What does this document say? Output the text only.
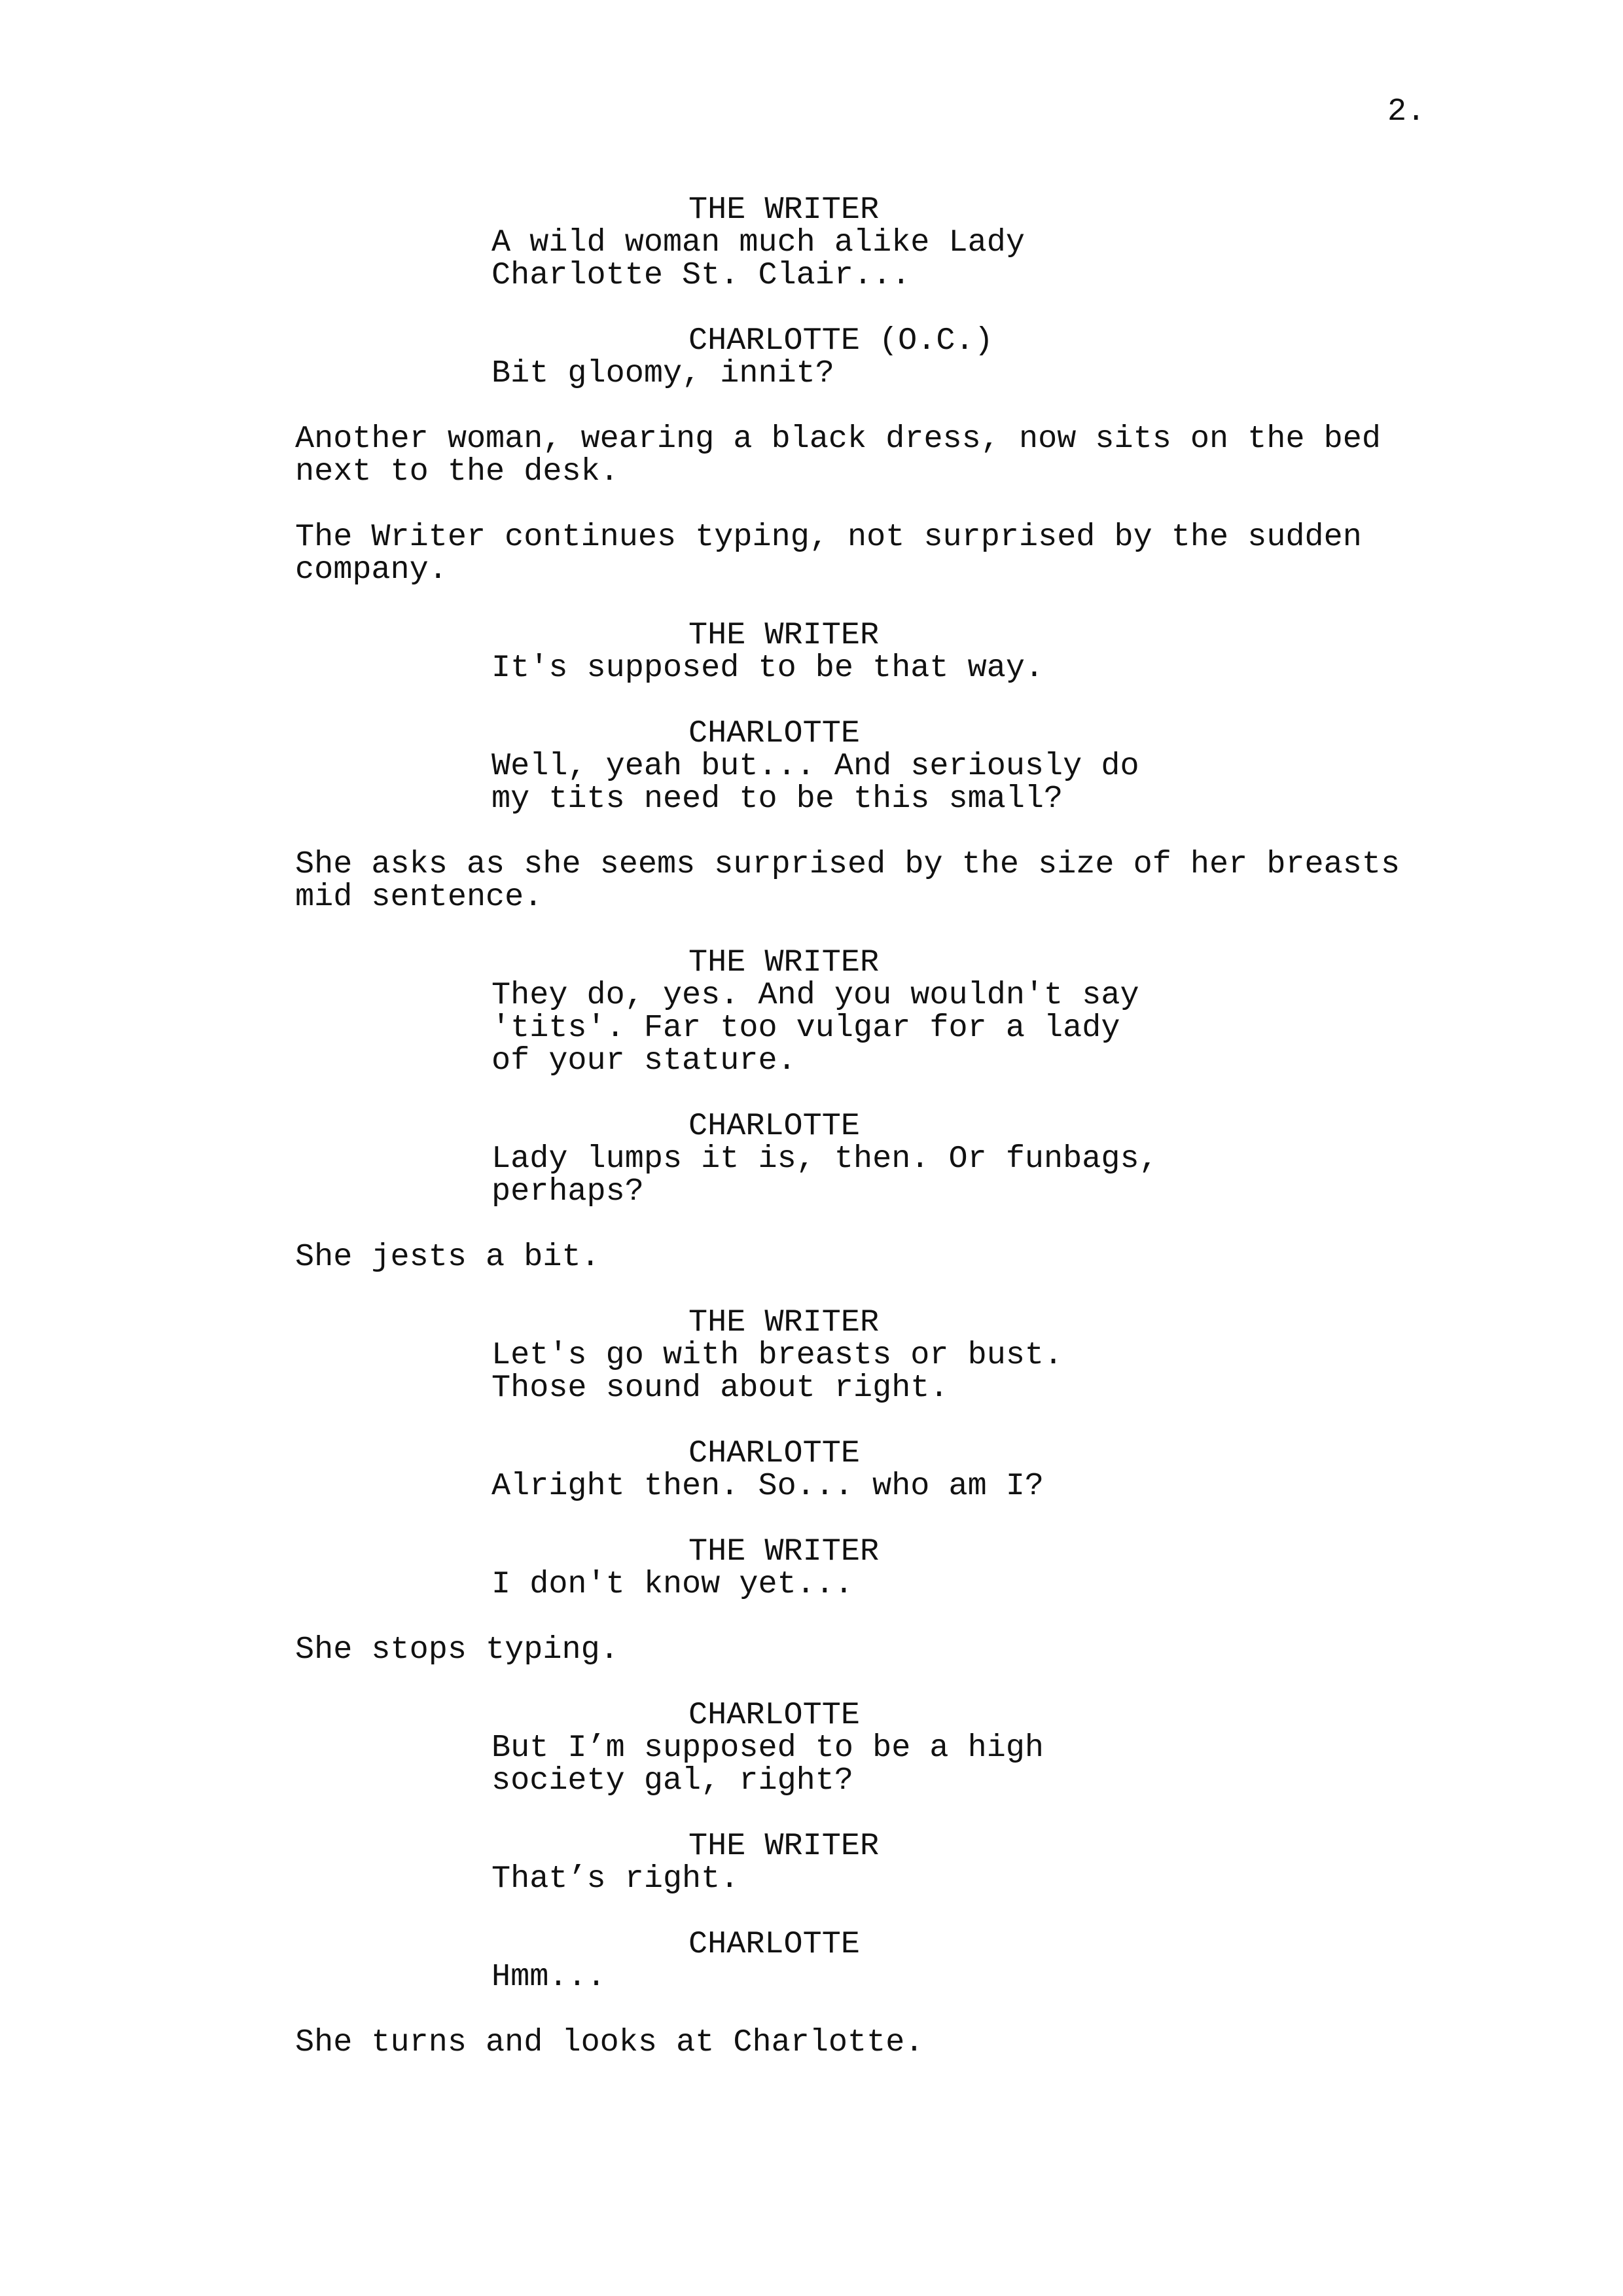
2.
THE WRITER
A wild woman much alike Lady
Charlotte St. Clair...
CHARLOTTE (O.C.)
Bit gloomy, innit?
Another woman, wearing a black dress, now sits on the bed
next to the desk.
The Writer continues typing, not surprised by the sudden
company.
THE WRITER
It's supposed to be that way.
CHARLOTTE
Well, yeah but... And seriously do
my tits need to be this small?
She asks as she seems surprised by the size of her breasts
mid sentence.
THE WRITER
They do, yes. And you wouldn't say
'tits'. Far too vulgar for a lady
of your stature.
CHARLOTTE
Lady lumps it is, then. Or funbags,
perhaps?
She jests a bit.
THE WRITER
Let's go with breasts or bust.
Those sound about right.
CHARLOTTE
Alright then. So... who am I?
THE WRITER
I don't know yet...
She stops typing.
CHARLOTTE
But I’m supposed to be a high
society gal, right?
THE WRITER
That’s right.
CHARLOTTE
Hmm...
She turns and looks at Charlotte.
